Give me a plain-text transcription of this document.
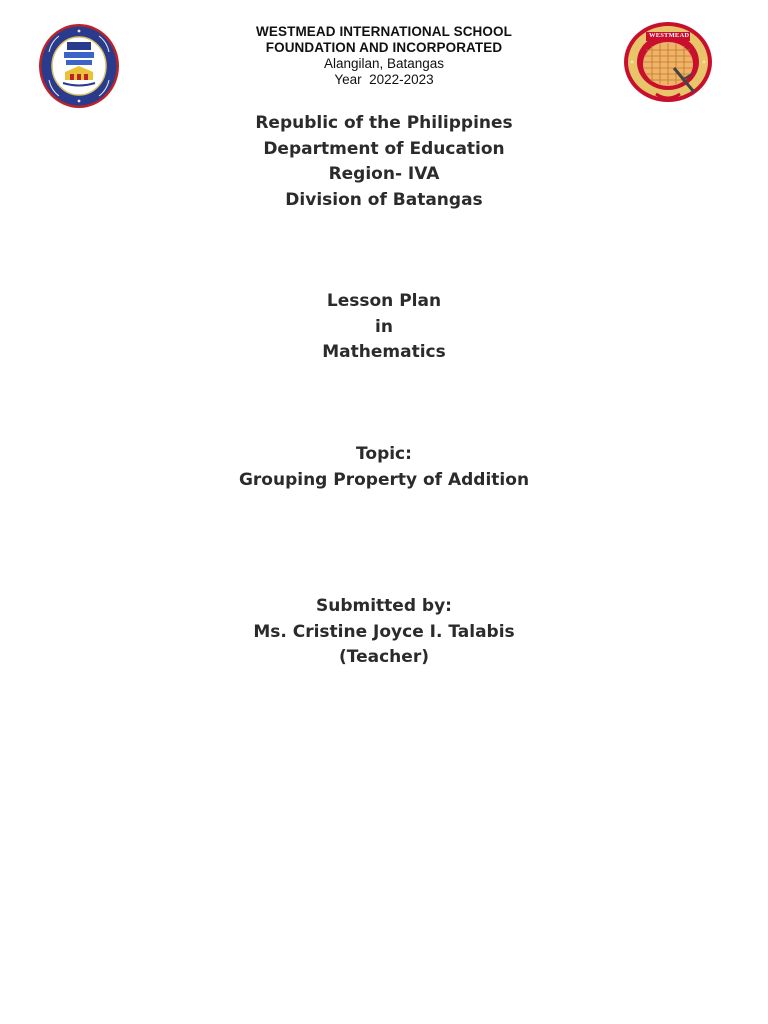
WESTMEAD INTERNATIONAL SCHOOL
FOUNDATION AND INCORPORATED
Alangilan, Batangas
Year  2022-2023
WESTMEAD
Republic of the Philippines
Department of Education
Region- IVA
Division of Batangas
Lesson Plan
in
Mathematics
Topic:
Grouping Property of Addition
Submitted by:
Ms. Cristine Joyce I. Talabis
(Teacher)
